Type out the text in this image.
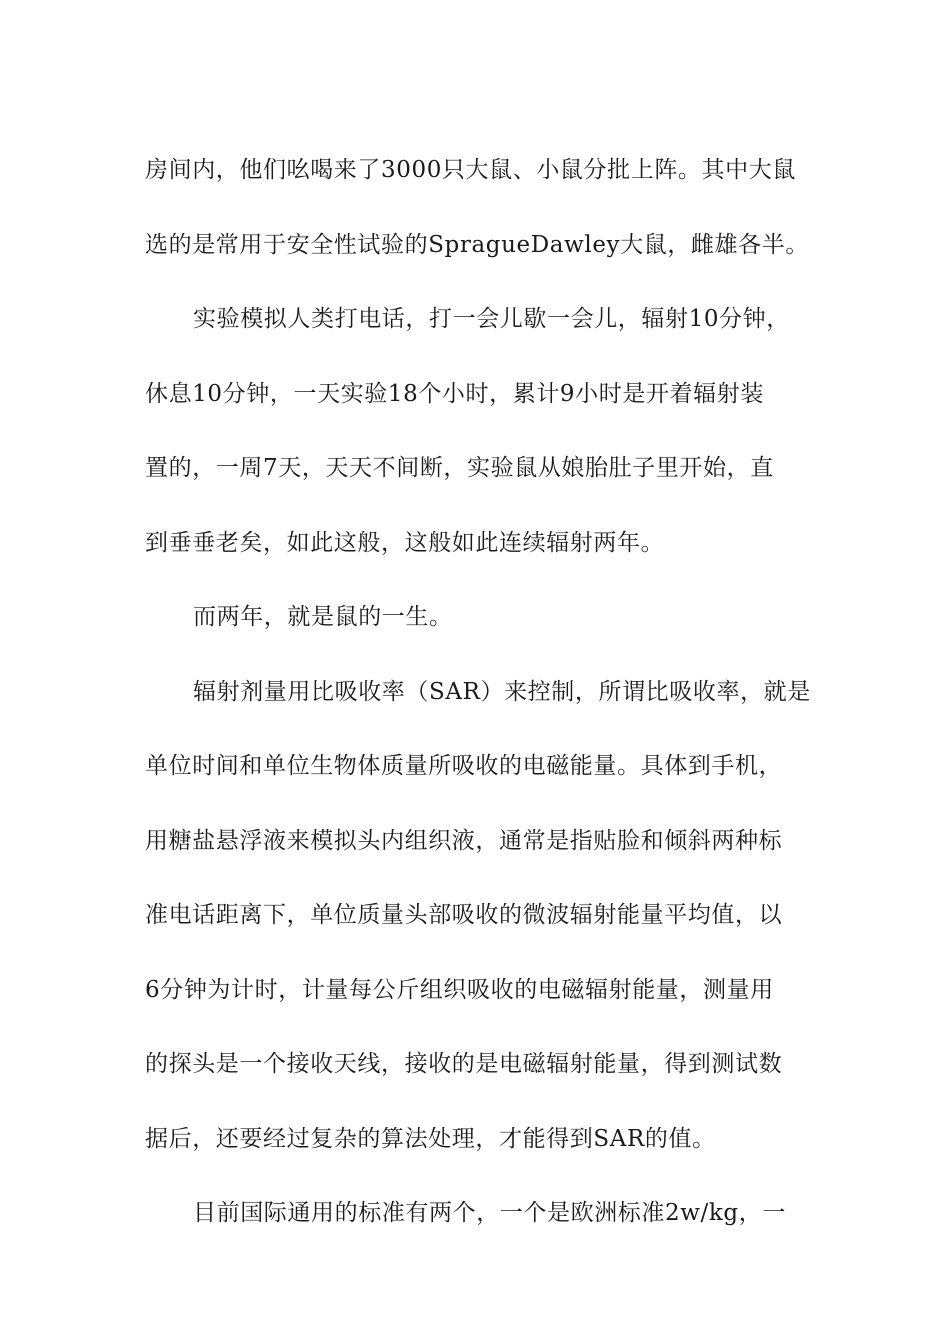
房间内，他们吆喝来了3000只大鼠、小鼠分批上阵。其中大鼠
选的是常用于安全性试验的SpragueDawley大鼠，雌雄各半。
实验模拟人类打电话，打一会儿歇一会儿，辐射10分钟，
休息10分钟，一天实验18个小时，累计9小时是开着辐射装
置的，一周7天，天天不间断，实验鼠从娘胎肚子里开始，直
到垂垂老矣，如此这般，这般如此连续辐射两年。
而两年，就是鼠的一生。
辐射剂量用比吸收率（SAR）来控制，所谓比吸收率，就是
单位时间和单位生物体质量所吸收的电磁能量。具体到手机，
用糖盐悬浮液来模拟头内组织液，通常是指贴脸和倾斜两种标
准电话距离下，单位质量头部吸收的微波辐射能量平均值，以
6分钟为计时，计量每公斤组织吸收的电磁辐射能量，测量用
的探头是一个接收天线，接收的是电磁辐射能量，得到测试数
据后，还要经过复杂的算法处理，才能得到SAR的值。
目前国际通用的标准有两个，一个是欧洲标准2w/kg，一
